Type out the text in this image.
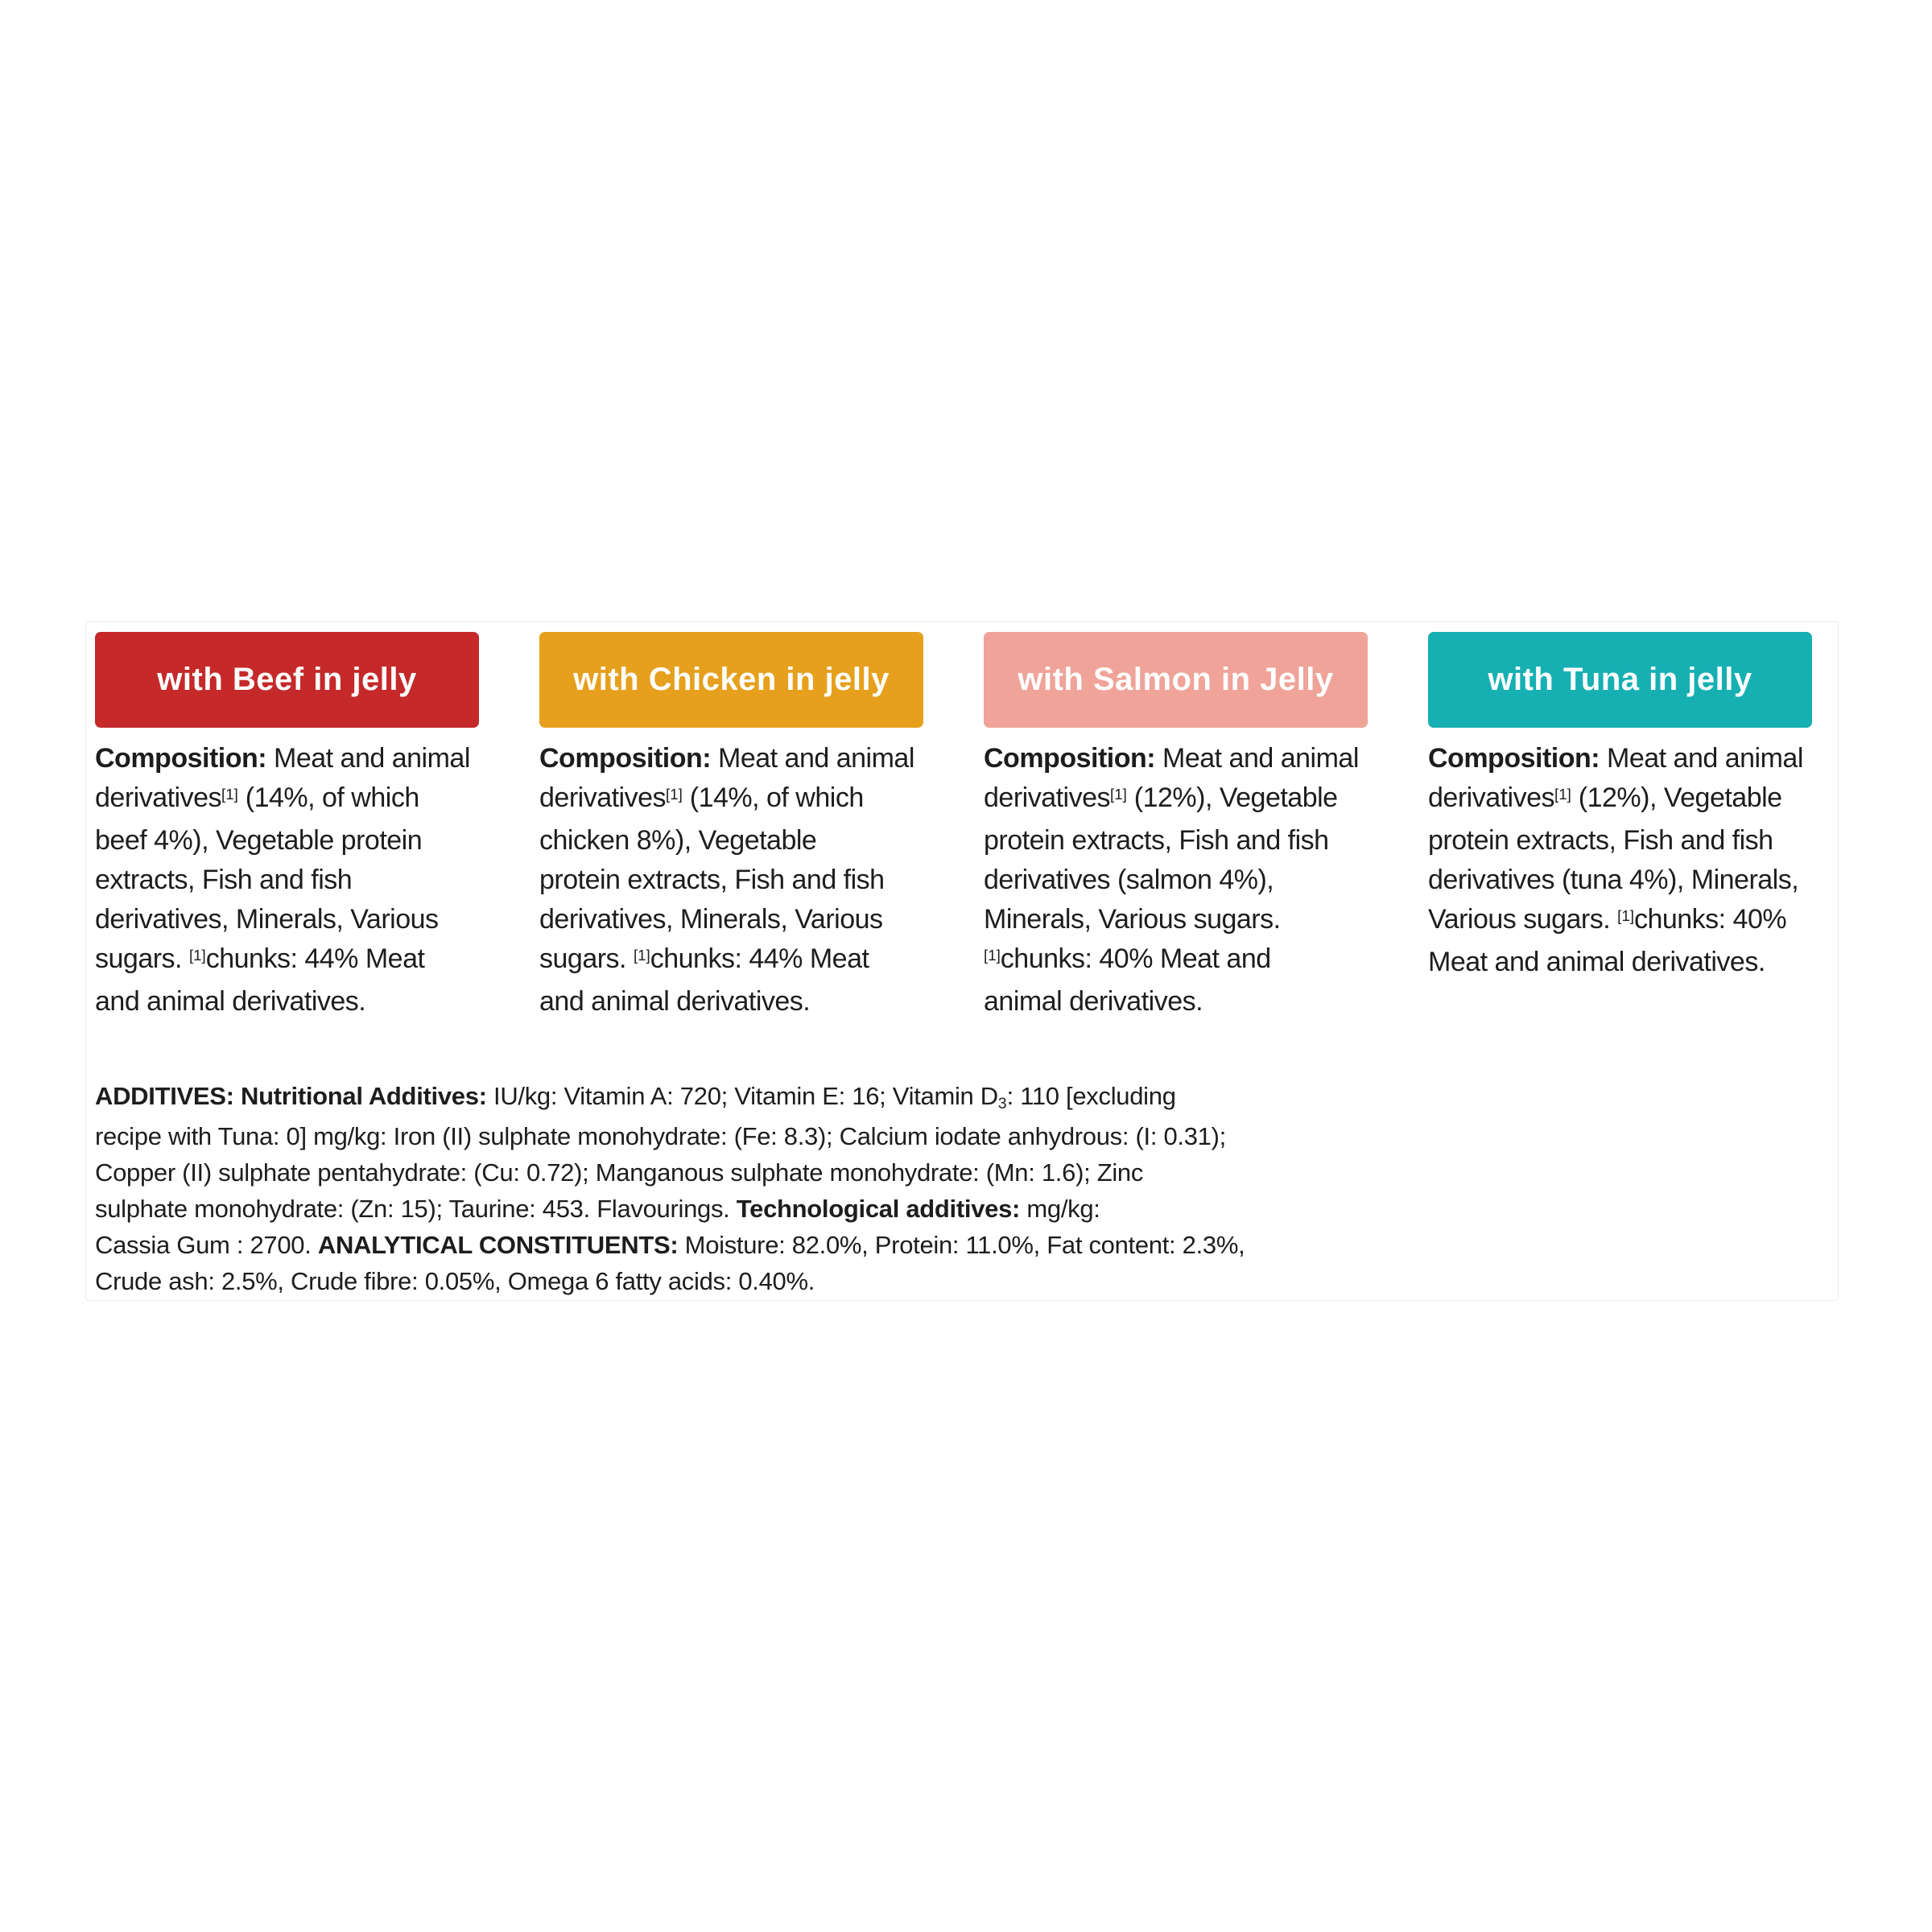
with Beef in jelly
Composition: Meat and animal
derivatives[1] (14%, of which
beef 4%), Vegetable protein
extracts, Fish and fish
derivatives, Minerals, Various
sugars. [1]chunks: 44% Meat
and animal derivatives.
with Chicken in jelly
Composition: Meat and animal
derivatives[1] (14%, of which
chicken 8%), Vegetable
protein extracts, Fish and fish
derivatives, Minerals, Various
sugars. [1]chunks: 44% Meat
and animal derivatives.
with Salmon in Jelly
Composition: Meat and animal
derivatives[1] (12%), Vegetable
protein extracts, Fish and fish
derivatives (salmon 4%),
Minerals, Various sugars.
[1]chunks: 40% Meat and
animal derivatives.
with Tuna in jelly
Composition: Meat and animal
derivatives[1] (12%), Vegetable
protein extracts, Fish and fish
derivatives (tuna 4%), Minerals,
Various sugars. [1]chunks: 40%
Meat and animal derivatives.
ADDITIVES: Nutritional Additives: IU/kg: Vitamin A: 720; Vitamin E: 16; Vitamin D3: 110 [excluding
recipe with Tuna: 0] mg/kg: Iron (II) sulphate monohydrate: (Fe: 8.3); Calcium iodate anhydrous: (I: 0.31);
Copper (II) sulphate pentahydrate: (Cu: 0.72); Manganous sulphate monohydrate: (Mn: 1.6); Zinc
sulphate monohydrate: (Zn: 15); Taurine: 453. Flavourings. Technological additives: mg/kg:
Cassia Gum : 2700. ANALYTICAL CONSTITUENTS: Moisture: 82.0%, Protein: 11.0%, Fat content: 2.3%,
Crude ash: 2.5%, Crude fibre: 0.05%, Omega 6 fatty acids: 0.40%.
